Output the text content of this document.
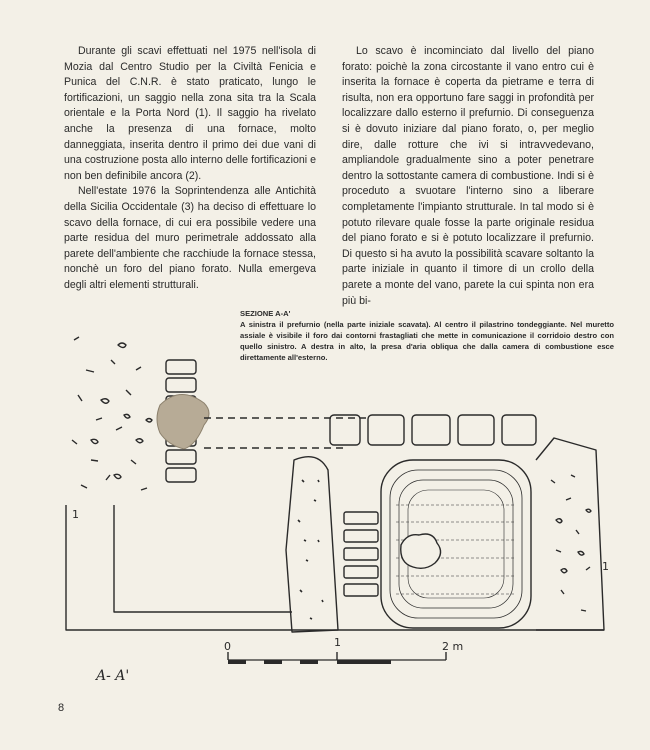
Durante gli scavi effettuati nel 1975 nell'isola di Mozia dal Centro Studio per la Civiltà Fenicia e Punica del C.N.R. è stato praticato, lungo le fortificazioni, un saggio nella zona sita tra la Scala orientale e la Porta Nord (1). Il saggio ha rivelato anche la presenza di una fornace, molto danneggiata, inserita dentro il primo dei due vani di una costruzione posta allo interno delle fortificazioni e non ben definibile ancora (2).

Nell'estate 1976 la Soprintendenza alle Antichità della Sicilia Occidentale (3) ha deciso di effettuare lo scavo della fornace, di cui era possibile vedere una parte residua del muro perimetrale addossato alla parete dell'ambiente che racchiude la fornace stessa, nonchè un foro del piano forato. Nulla emergeva degli altri elementi strutturali.

Lo scavo è incominciato dal livello del piano forato: poichè la zona circostante il vano entro cui è inserita la fornace è coperta da pietrame e terra di risulta, non era opportuno fare saggi in profondità per localizzare dallo esterno il prefurnio. Di conseguenza si è dovuto iniziare dal piano forato, o, per meglio dire, dalle rotture che ivi si intravvedevano, ampliandole gradualmente sino a poter penetrare dentro la sottostante camera di combustione. Indi si è proceduto a svuotare l'interno sino a liberare completamente l'impianto strutturale. In tal modo si è potuto rilevare quale fosse la parte originale residua del piano forato e si è potuto localizzare il prefurnio. Di questo si ha avuto la possibilità scavare soltanto la parte iniziale in quanto il timore di un crollo della parete a monte del vano, parete la cui spinta non era più bi-

SEZIONE A-A'
A sinistra il prefurnio (nella parte iniziale scavata). Al centro il pilastrino tondeggiante. Nel muretto assiale è visibile il foro dai contorni frastagliati che mette in comunicazione il corridoio destro con quello sinistro. A destra in alto, la presa d'aria obliqua che dalla camera di combustione esce direttamente all'esterno.
0	1	2 m
1
1
A- A'
8
